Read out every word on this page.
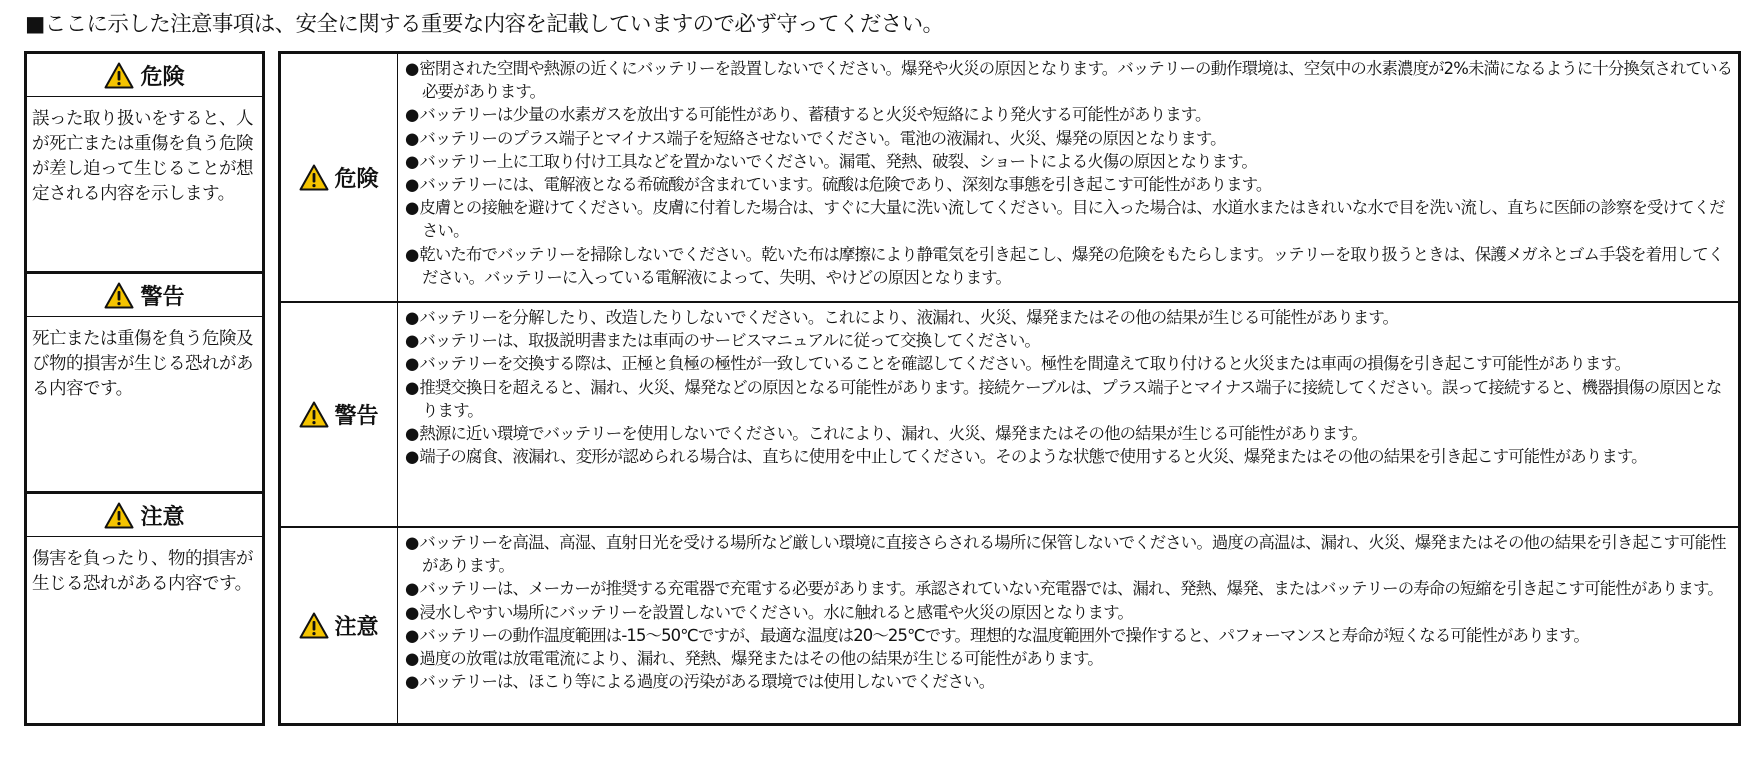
■ここに示した注意事項は、安全に関する重要な内容を記載していますので必ず守ってください。
危険
誤った取り扱いをすると、人が死亡または重傷を負う危険が差し迫って生じることが想定される内容を示します。
警告
死亡または重傷を負う危険及び物的損害が生じる恐れがある内容です。
注意
傷害を負ったり、物的損害が生じる恐れがある内容です。
危険
●密閉された空間や熱源の近くにバッテリーを設置しないでください。爆発や火災の原因となります。バッテリーの動作環境は、空気中の水素濃度が2%未満になるように十分換気されている必要があります。
●バッテリーは少量の水素ガスを放出する可能性があり、蓄積すると火災や短絡により発火する可能性があります。
●バッテリーのプラス端子とマイナス端子を短絡させないでください。電池の液漏れ、火災、爆発の原因となります。
●バッテリー上に工取り付け工具などを置かないでください。漏電、発熱、破裂、ショートによる火傷の原因となります。
●バッテリーには、電解液となる希硫酸が含まれています。硫酸は危険であり、深刻な事態を引き起こす可能性があります。
●皮膚との接触を避けてください。皮膚に付着した場合は、すぐに大量に洗い流してください。目に入った場合は、水道水またはきれいな水で目を洗い流し、直ちに医師の診察を受けてください。
●乾いた布でバッテリーを掃除しないでください。乾いた布は摩擦により静電気を引き起こし、爆発の危険をもたらします。ッテリーを取り扱うときは、保護メガネとゴム手袋を着用してください。バッテリーに入っている電解液によって、失明、やけどの原因となります。
警告
●バッテリーを分解したり、改造したりしないでください。これにより、液漏れ、火災、爆発またはその他の結果が生じる可能性があります。
●バッテリーは、取扱説明書または車両のサービスマニュアルに従って交換してください。
●バッテリーを交換する際は、正極と負極の極性が一致していることを確認してください。極性を間違えて取り付けると火災または車両の損傷を引き起こす可能性があります。
●推奨交換日を超えると、漏れ、火災、爆発などの原因となる可能性があります。接続ケーブルは、プラス端子とマイナス端子に接続してください。誤って接続すると、機器損傷の原因となります。
●熱源に近い環境でバッテリーを使用しないでください。これにより、漏れ、火災、爆発またはその他の結果が生じる可能性があります。
●端子の腐食、液漏れ、変形が認められる場合は、直ちに使用を中止してください。そのような状態で使用すると火災、爆発またはその他の結果を引き起こす可能性があります。
注意
●バッテリーを高温、高湿、直射日光を受ける場所など厳しい環境に直接さらされる場所に保管しないでください。過度の高温は、漏れ、火災、爆発またはその他の結果を引き起こす可能性があります。
●バッテリーは、メーカーが推奨する充電器で充電する必要があります。承認されていない充電器では、漏れ、発熱、爆発、またはバッテリーの寿命の短縮を引き起こす可能性があります。
●浸水しやすい場所にバッテリーを設置しないでください。水に触れると感電や火災の原因となります。
●バッテリーの動作温度範囲は-15～50℃ですが、最適な温度は20～25℃です。理想的な温度範囲外で操作すると、パフォーマンスと寿命が短くなる可能性があります。
●過度の放電は放電電流により、漏れ、発熱、爆発またはその他の結果が生じる可能性があります。
●バッテリーは、ほこり等による過度の汚染がある環境では使用しないでください。
